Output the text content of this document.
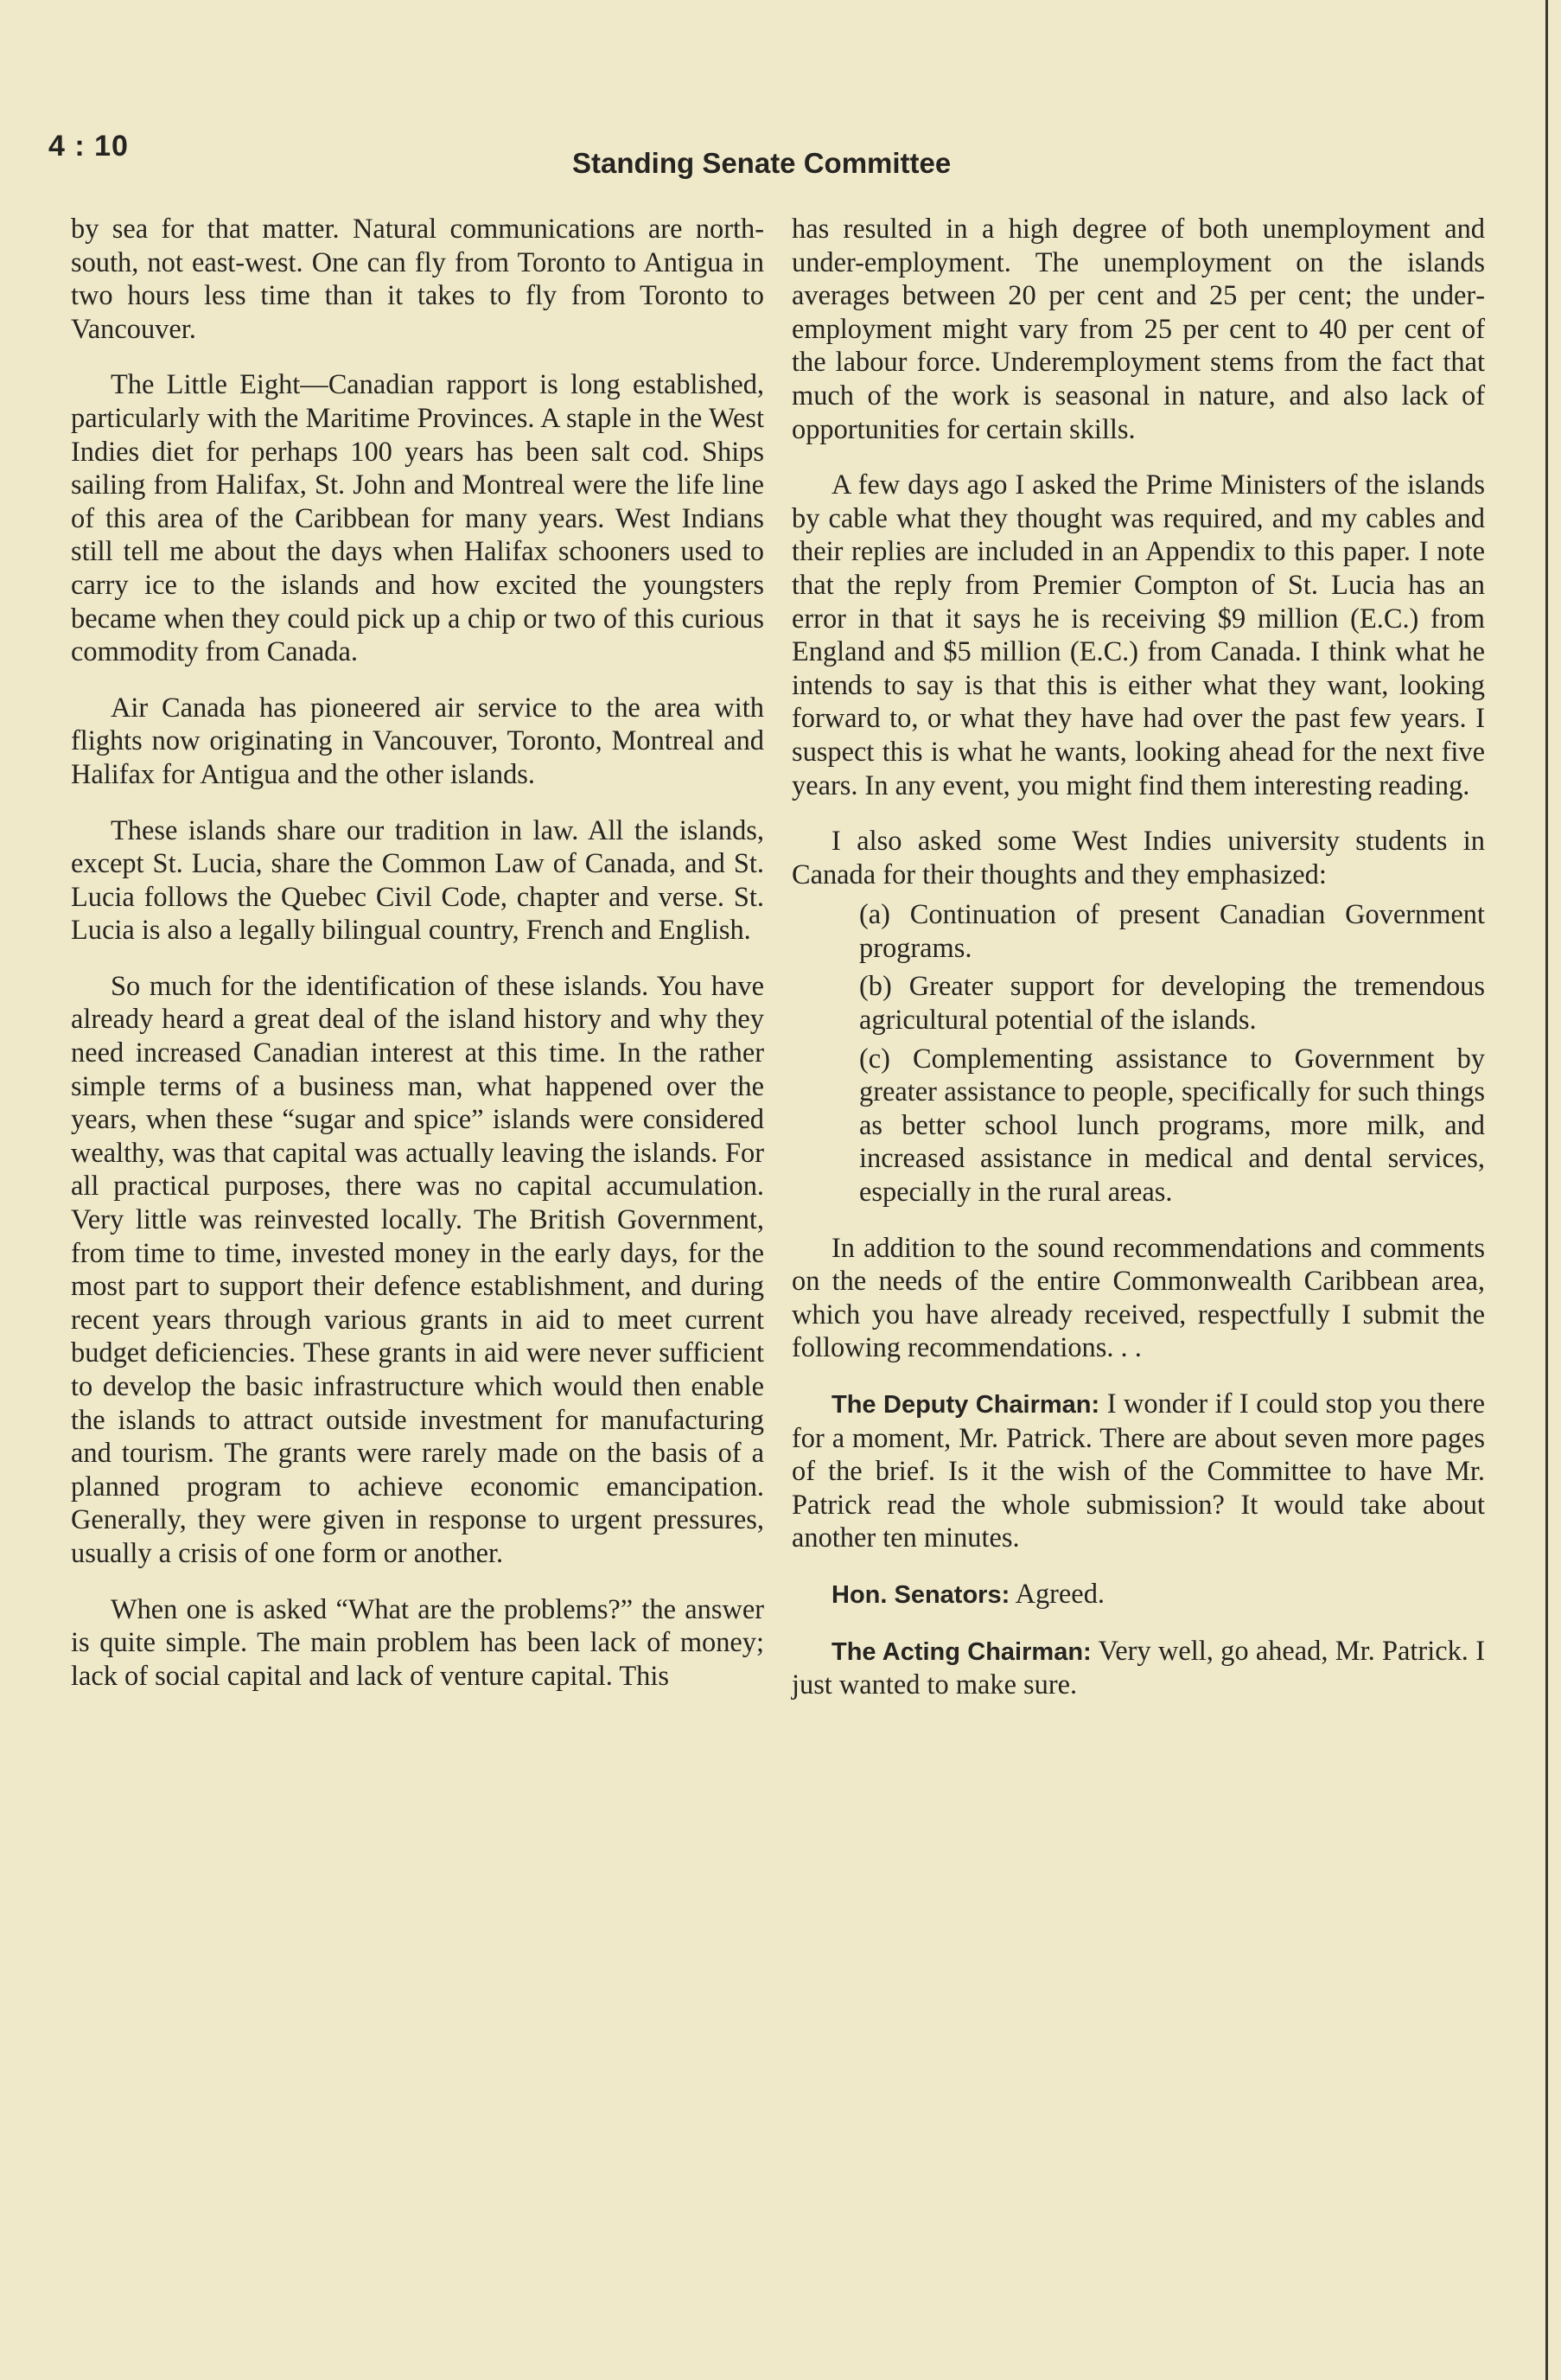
4 : 10
Standing Senate Committee

by sea for that matter. Natural communications are north-south, not east-west. One can fly from Toronto to Antigua in two hours less time than it takes to fly from Toronto to Vancouver.

The Little Eight—Canadian rapport is long established, particularly with the Maritime Provinces. A staple in the West Indies diet for perhaps 100 years has been salt cod. Ships sailing from Halifax, St. John and Montreal were the life line of this area of the Caribbean for many years. West Indians still tell me about the days when Halifax schooners used to carry ice to the islands and how excited the youngsters became when they could pick up a chip or two of this curious commodity from Canada.

Air Canada has pioneered air service to the area with flights now originating in Vancouver, Toronto, Montreal and Halifax for Antigua and the other islands.

These islands share our tradition in law. All the islands, except St. Lucia, share the Common Law of Canada, and St. Lucia follows the Quebec Civil Code, chapter and verse. St. Lucia is also a legally bilingual country, French and English.

So much for the identification of these islands. You have already heard a great deal of the island history and why they need increased Canadian interest at this time. In the rather simple terms of a business man, what happened over the years, when these “sugar and spice” islands were considered wealthy, was that capital was actually leaving the islands. For all practical purposes, there was no capital accumulation. Very little was reinvested locally. The British Government, from time to time, invested money in the early days, for the most part to support their defence establishment, and during recent years through various grants in aid to meet current budget deficiencies. These grants in aid were never sufficient to develop the basic infrastructure which would then enable the islands to attract outside investment for manufacturing and tourism. The grants were rarely made on the basis of a planned program to achieve economic emancipation. Generally, they were given in response to urgent pressures, usually a crisis of one form or another.

When one is asked “What are the problems?” the answer is quite simple. The main problem has been lack of money; lack of social capital and lack of venture capital. This

has resulted in a high degree of both unemployment and under-employment. The unemployment on the islands averages between 20 per cent and 25 per cent; the underemployment might vary from 25 per cent to 40 per cent of the labour force. Underemployment stems from the fact that much of the work is seasonal in nature, and also lack of opportunities for certain skills.

A few days ago I asked the Prime Ministers of the islands by cable what they thought was required, and my cables and their replies are included in an Appendix to this paper. I note that the reply from Premier Compton of St. Lucia has an error in that it says he is receiving $9 million (E.C.) from England and $5 million (E.C.) from Canada. I think what he intends to say is that this is either what they want, looking forward to, or what they have had over the past few years. I suspect this is what he wants, looking ahead for the next five years. In any event, you might find them interesting reading.

I also asked some West Indies university students in Canada for their thoughts and they emphasized:

(a) Continuation of present Canadian Government programs.

(b) Greater support for developing the tremendous agricultural potential of the islands.

(c) Complementing assistance to Government by greater assistance to people, specifically for such things as better school lunch programs, more milk, and increased assistance in medical and dental services, especially in the rural areas.

In addition to the sound recommendations and comments on the needs of the entire Commonwealth Caribbean area, which you have already received, respectfully I submit the following recommendations. . .

The Deputy Chairman: I wonder if I could stop you there for a moment, Mr. Patrick. There are about seven more pages of the brief. Is it the wish of the Committee to have Mr. Patrick read the whole submission? It would take about another ten minutes.

Hon. Senators: Agreed.

The Acting Chairman: Very well, go ahead, Mr. Patrick. I just wanted to make sure.
